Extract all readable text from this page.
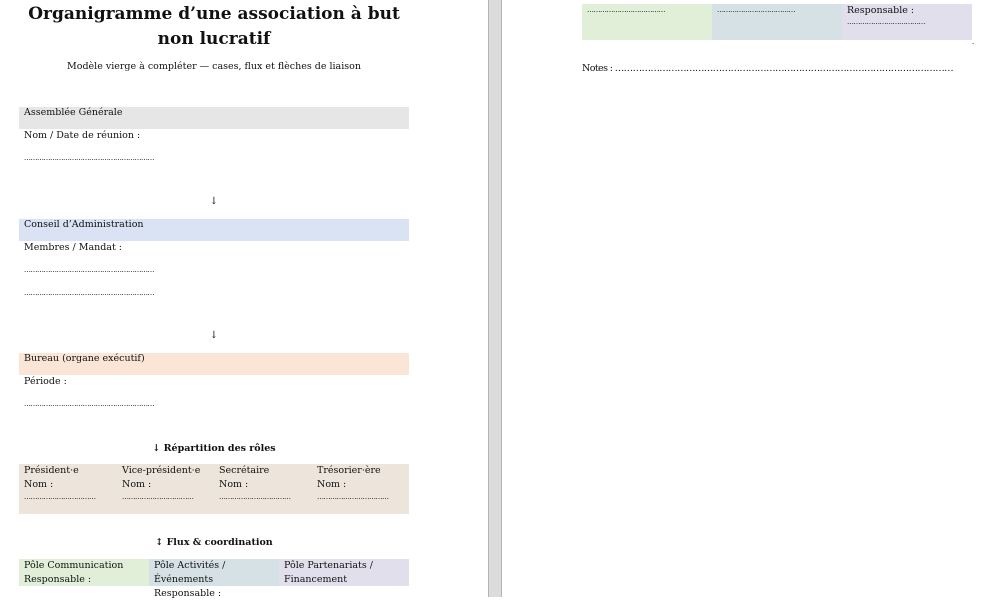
Organigramme d’une association à but non lucratif
Modèle vierge à compléter — cases, flux et flèches de liaison
Assemblée Générale
Nom / Date de réunion :
……………………………………………………
↓
Conseil d’Administration
Membres / Mandat :
……………………………………………………
……………………………………………………
↓
Bureau (organe exécutif)
Période :
……………………………………………………
↓ Répartition des rôles
Président·e
Nom :
……………………………
Vice-président·e
Nom :
……………………………
Secrétaire
Nom :
……………………………
Trésorier·ère
Nom :
……………………………
↕ Flux & coordination
Pôle Communication
Responsable :
Pôle Activités / Événements
Responsable :
Pôle Partenariats /
Financement
………………………………	………………………………	Responsable :
………………………………
.
Notes : ……………………………………………………………………………………………………
